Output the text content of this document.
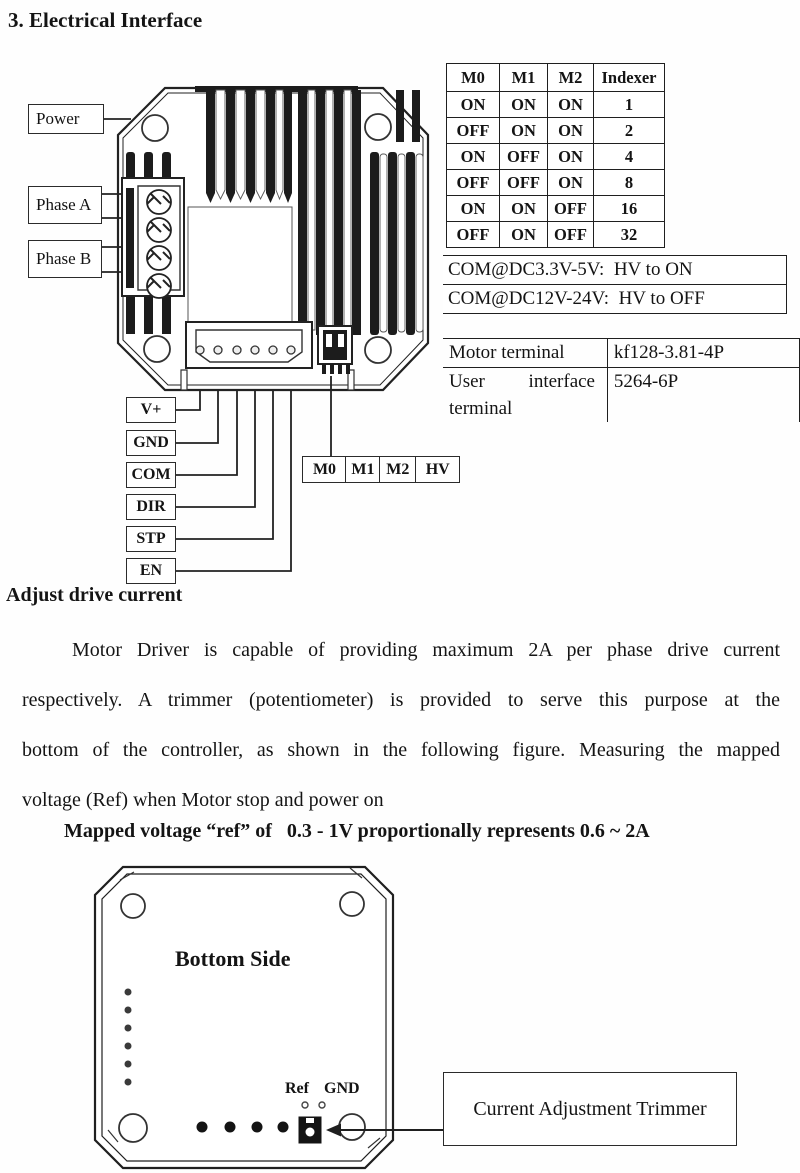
3. Electrical Interface
Power
Phase A
Phase B
V+
GND
COM
DIR
STP
EN
M0 M1 M2	HV
M0	M1	M2	Indexer
ON	ON	ON	1
OFF	ON	ON	2
ON	OFF	ON	4
OFF	OFF	ON	8
ON	ON	OFF	16
OFF	ON	OFF	32
COM@DC3.3V-5V:  HV to ON
COM@DC12V-24V:  HV to OFF
Motor terminal	kf128-3.81-4P

User interface terminal	5264-6P
Adjust drive current
Motor Driver is capable of providing maximum 2A per phase drive current
respectively. A trimmer (potentiometer) is provided to serve this purpose at the
bottom of the controller, as shown in the following figure. Measuring the mapped
voltage (Ref) when Motor stop and power on
Mapped voltage “ref” of   0.3 - 1V proportionally represents 0.6 ~ 2A
Bottom Side
Ref GND
Current Adjustment Trimmer
